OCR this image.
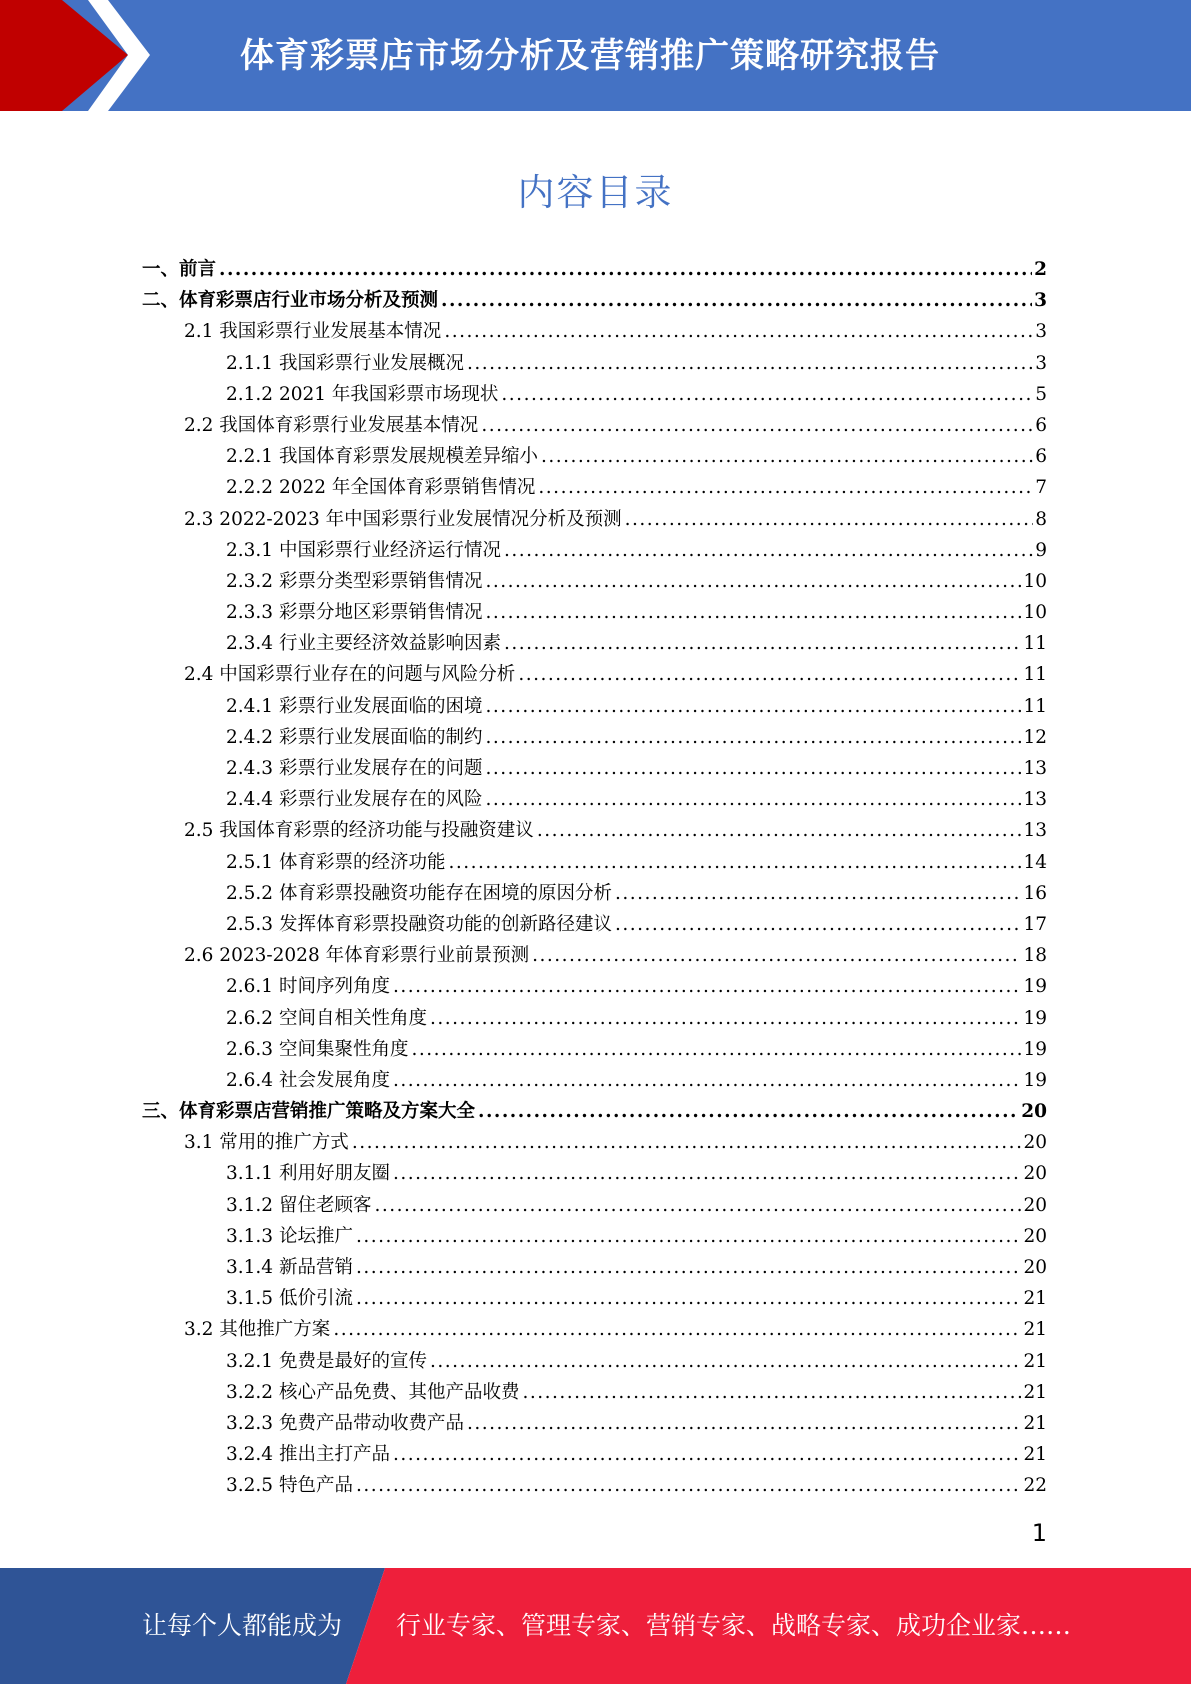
体育彩票店市场分析及营销推广策略研究报告
内容目录
一、前言 .....	2
二、体育彩票店行业市场分析及预测 .....	3
2.1 我国彩票行业发展基本情况 .....	3
2.1.1 我国彩票行业发展概况 .....	3
2.1.2 2021 年我国彩票市场现状 .....	5
2.2 我国体育彩票行业发展基本情况 .....	6
2.2.1 我国体育彩票发展规模差异缩小 .....	6
2.2.2 2022 年全国体育彩票销售情况 .....	7
2.3 2022-2023 年中国彩票行业发展情况分析及预测 .....	8
2.3.1 中国彩票行业经济运行情况 .....	9
2.3.2 彩票分类型彩票销售情况 .....	10
2.3.3 彩票分地区彩票销售情况 .....	10
2.3.4 行业主要经济效益影响因素 .....	11
2.4 中国彩票行业存在的问题与风险分析 .....	11
2.4.1 彩票行业发展面临的困境 .....	11
2.4.2 彩票行业发展面临的制约 .....	12
2.4.3 彩票行业发展存在的问题 .....	13
2.4.4 彩票行业发展存在的风险 .....	13
2.5 我国体育彩票的经济功能与投融资建议 .....	13
2.5.1 体育彩票的经济功能 .....	14
2.5.2 体育彩票投融资功能存在困境的原因分析 .....	16
2.5.3 发挥体育彩票投融资功能的创新路径建议 .....	17
2.6 2023-2028 年体育彩票行业前景预测 .....	18
2.6.1 时间序列角度 .....	19
2.6.2 空间自相关性角度 .....	19
2.6.3 空间集聚性角度 .....	19
2.6.4 社会发展角度 .....	19
三、体育彩票店营销推广策略及方案大全 .....	20
3.1 常用的推广方式 .....	20
3.1.1 利用好朋友圈 .....	20
3.1.2 留住老顾客 .....	20
3.1.3 论坛推广 .....	20
3.1.4 新品营销 .....	20
3.1.5 低价引流 .....	21
3.2 其他推广方案 .....	21
3.2.1 免费是最好的宣传 .....	21
3.2.2 核心产品免费、其他产品收费 .....	21
3.2.3 免费产品带动收费产品 .....	21
3.2.4 推出主打产品 .....	21
3.2.5 特色产品 .....	22
1
让每个人都能成为 行业专家、管理专家、营销专家、战略专家、成功企业家……
